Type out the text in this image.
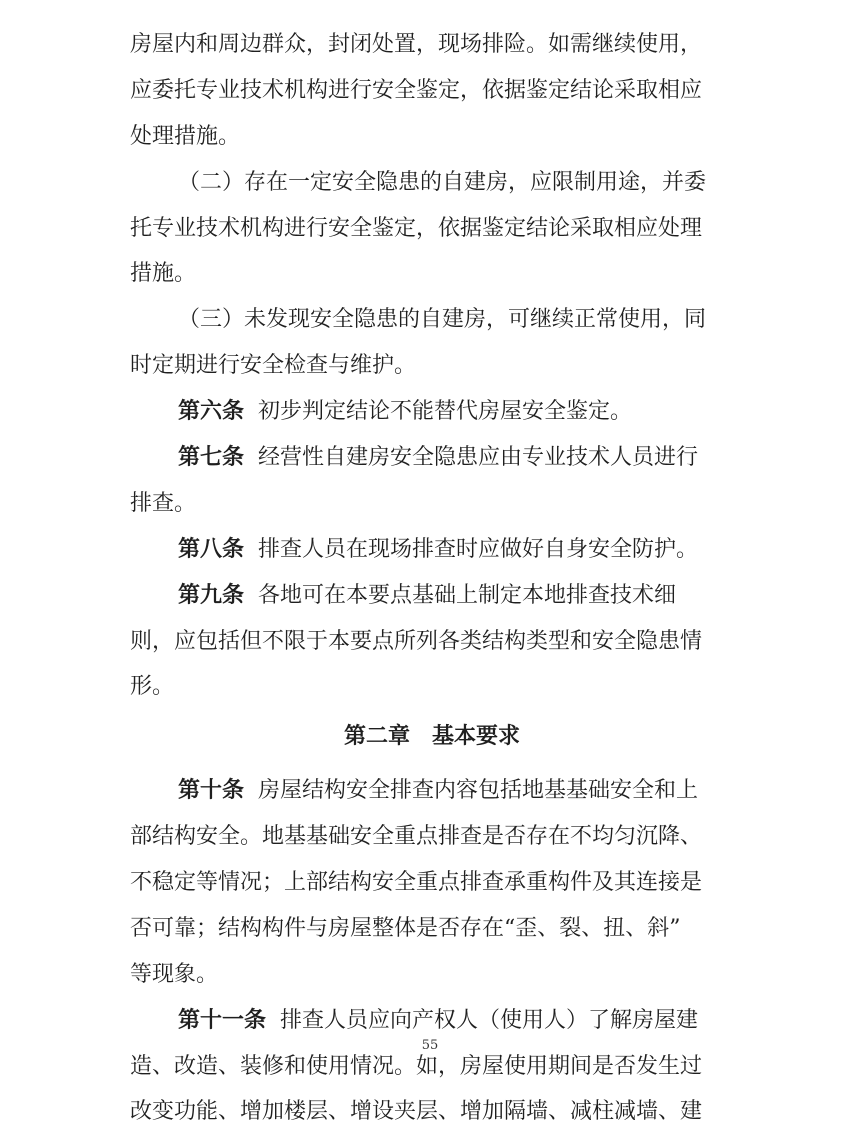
房屋内和周边群众，封闭处置，现场排险。如需继续使用，
应委托专业技术机构进行安全鉴定，依据鉴定结论采取相应
处理措施。
（二）存在一定安全隐患的自建房，应限制用途，并委
托专业技术机构进行安全鉴定，依据鉴定结论采取相应处理
措施。
（三）未发现安全隐患的自建房，可继续正常使用，同
时定期进行安全检查与维护。
第六条 初步判定结论不能替代房屋安全鉴定。
第七条 经营性自建房安全隐患应由专业技术人员进行
排查。
第八条 排查人员在现场排查时应做好自身安全防护。
第九条 各地可在本要点基础上制定本地排查技术细
则，应包括但不限于本要点所列各类结构类型和安全隐患情
形。
第二章　基本要求
第十条 房屋结构安全排查内容包括地基基础安全和上
部结构安全。地基基础安全重点排查是否存在不均匀沉降、
不稳定等情况；上部结构安全重点排查承重构件及其连接是
否可靠；结构构件与房屋整体是否存在“歪、裂、扭、斜”
等现象。
第十一条 排查人员应向产权人（使用人）了解房屋建
造、改造、装修和使用情况。如，房屋使用期间是否发生过
改变功能、增加楼层、增设夹层、增加隔墙、减柱减墙、建
55
